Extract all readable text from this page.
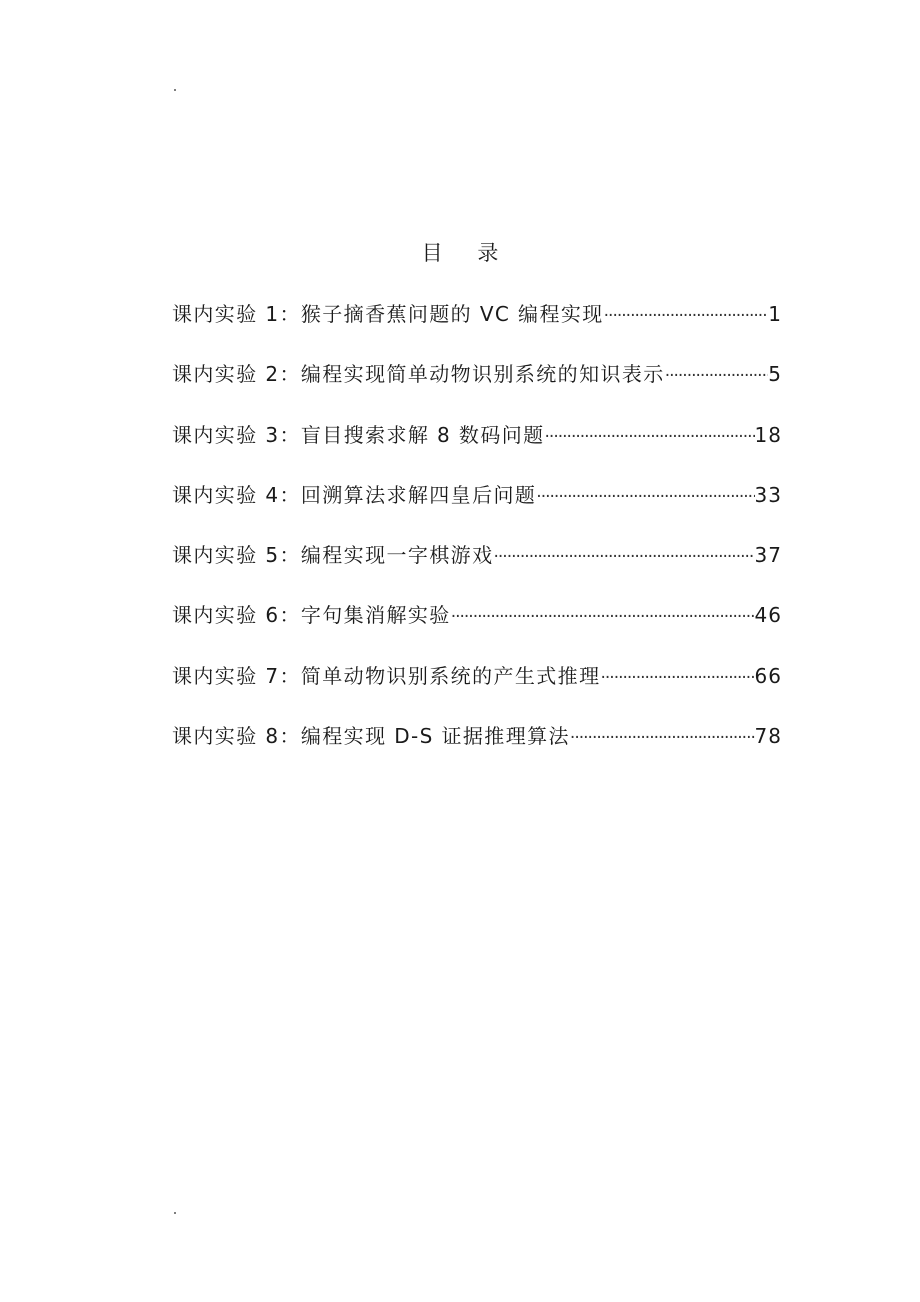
目 录
课内实验 1：猴子摘香蕉问题的 VC 编程实现 ·····	1
课内实验 2：编程实现简单动物识别系统的知识表示 ·····	5
课内实验 3：盲目搜索求解 8 数码问题 ·····	18
课内实验 4：回溯算法求解四皇后问题 ·····	33
课内实验 5：编程实现一字棋游戏 ·····	37
课内实验 6：字句集消解实验 ·····	46
课内实验 7：简单动物识别系统的产生式推理 ·····	66
课内实验 8：编程实现 D-S 证据推理算法 ·····	78
